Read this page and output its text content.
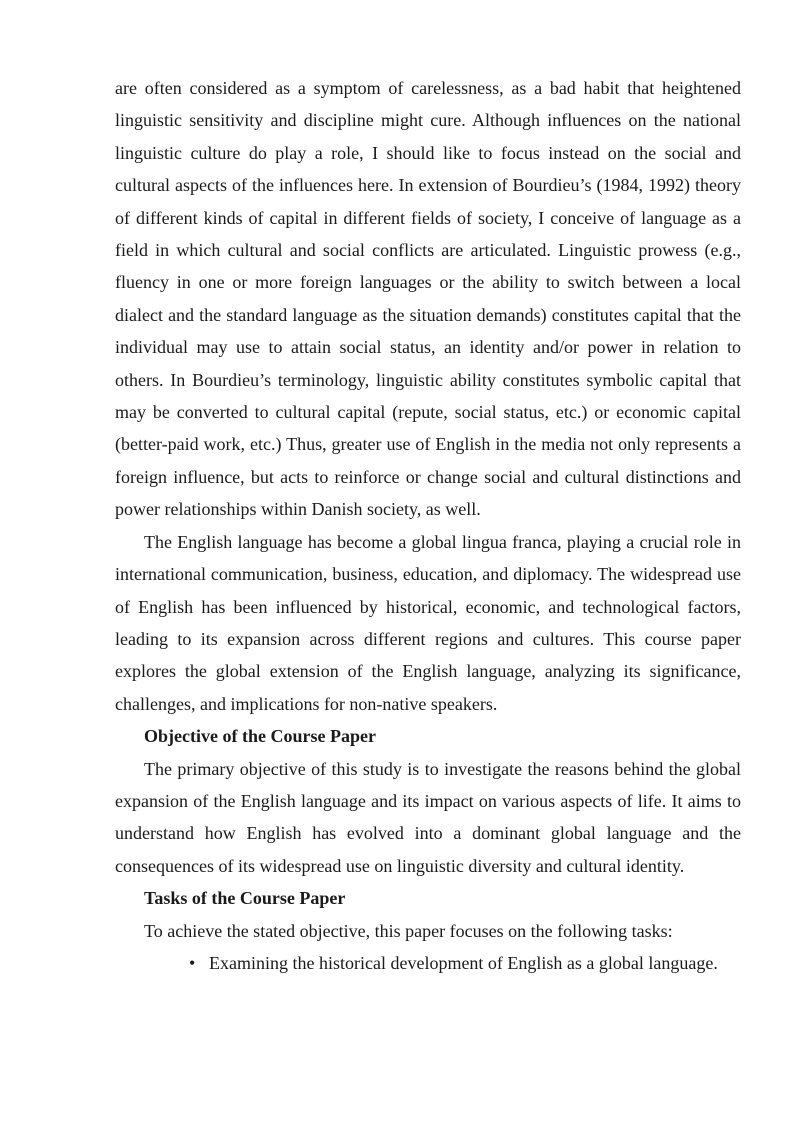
are often considered as a symptom of carelessness, as a bad habit that heightened linguistic sensitivity and discipline might cure. Although influences on the national linguistic culture do play a role, I should like to focus instead on the social and cultural aspects of the influences here. In extension of Bourdieu’s (1984, 1992) theory of different kinds of capital in different fields of society, I conceive of language as a field in which cultural and social conflicts are articulated. Linguistic prowess (e.g., fluency in one or more foreign languages or the ability to switch between a local dialect and the standard language as the situation demands) constitutes capital that the individual may use to attain social status, an identity and/or power in relation to others. In Bourdieu’s terminology, linguistic ability constitutes symbolic capital that may be converted to cultural capital (repute, social status, etc.) or economic capital (better-paid work, etc.) Thus, greater use of English in the media not only represents a foreign influence, but acts to reinforce or change social and cultural distinctions and power relationships within Danish society, as well.

The English language has become a global lingua franca, playing a crucial role in international communication, business, education, and diplomacy. The widespread use of English has been influenced by historical, economic, and technological factors, leading to its expansion across different regions and cultures. This course paper explores the global extension of the English language, analyzing its significance, challenges, and implications for non-native speakers.

Objective of the Course Paper

The primary objective of this study is to investigate the reasons behind the global expansion of the English language and its impact on various aspects of life. It aims to understand how English has evolved into a dominant global language and the consequences of its widespread use on linguistic diversity and cultural identity.

Tasks of the Course Paper

To achieve the stated objective, this paper focuses on the following tasks:

• Examining the historical development of English as a global language.
